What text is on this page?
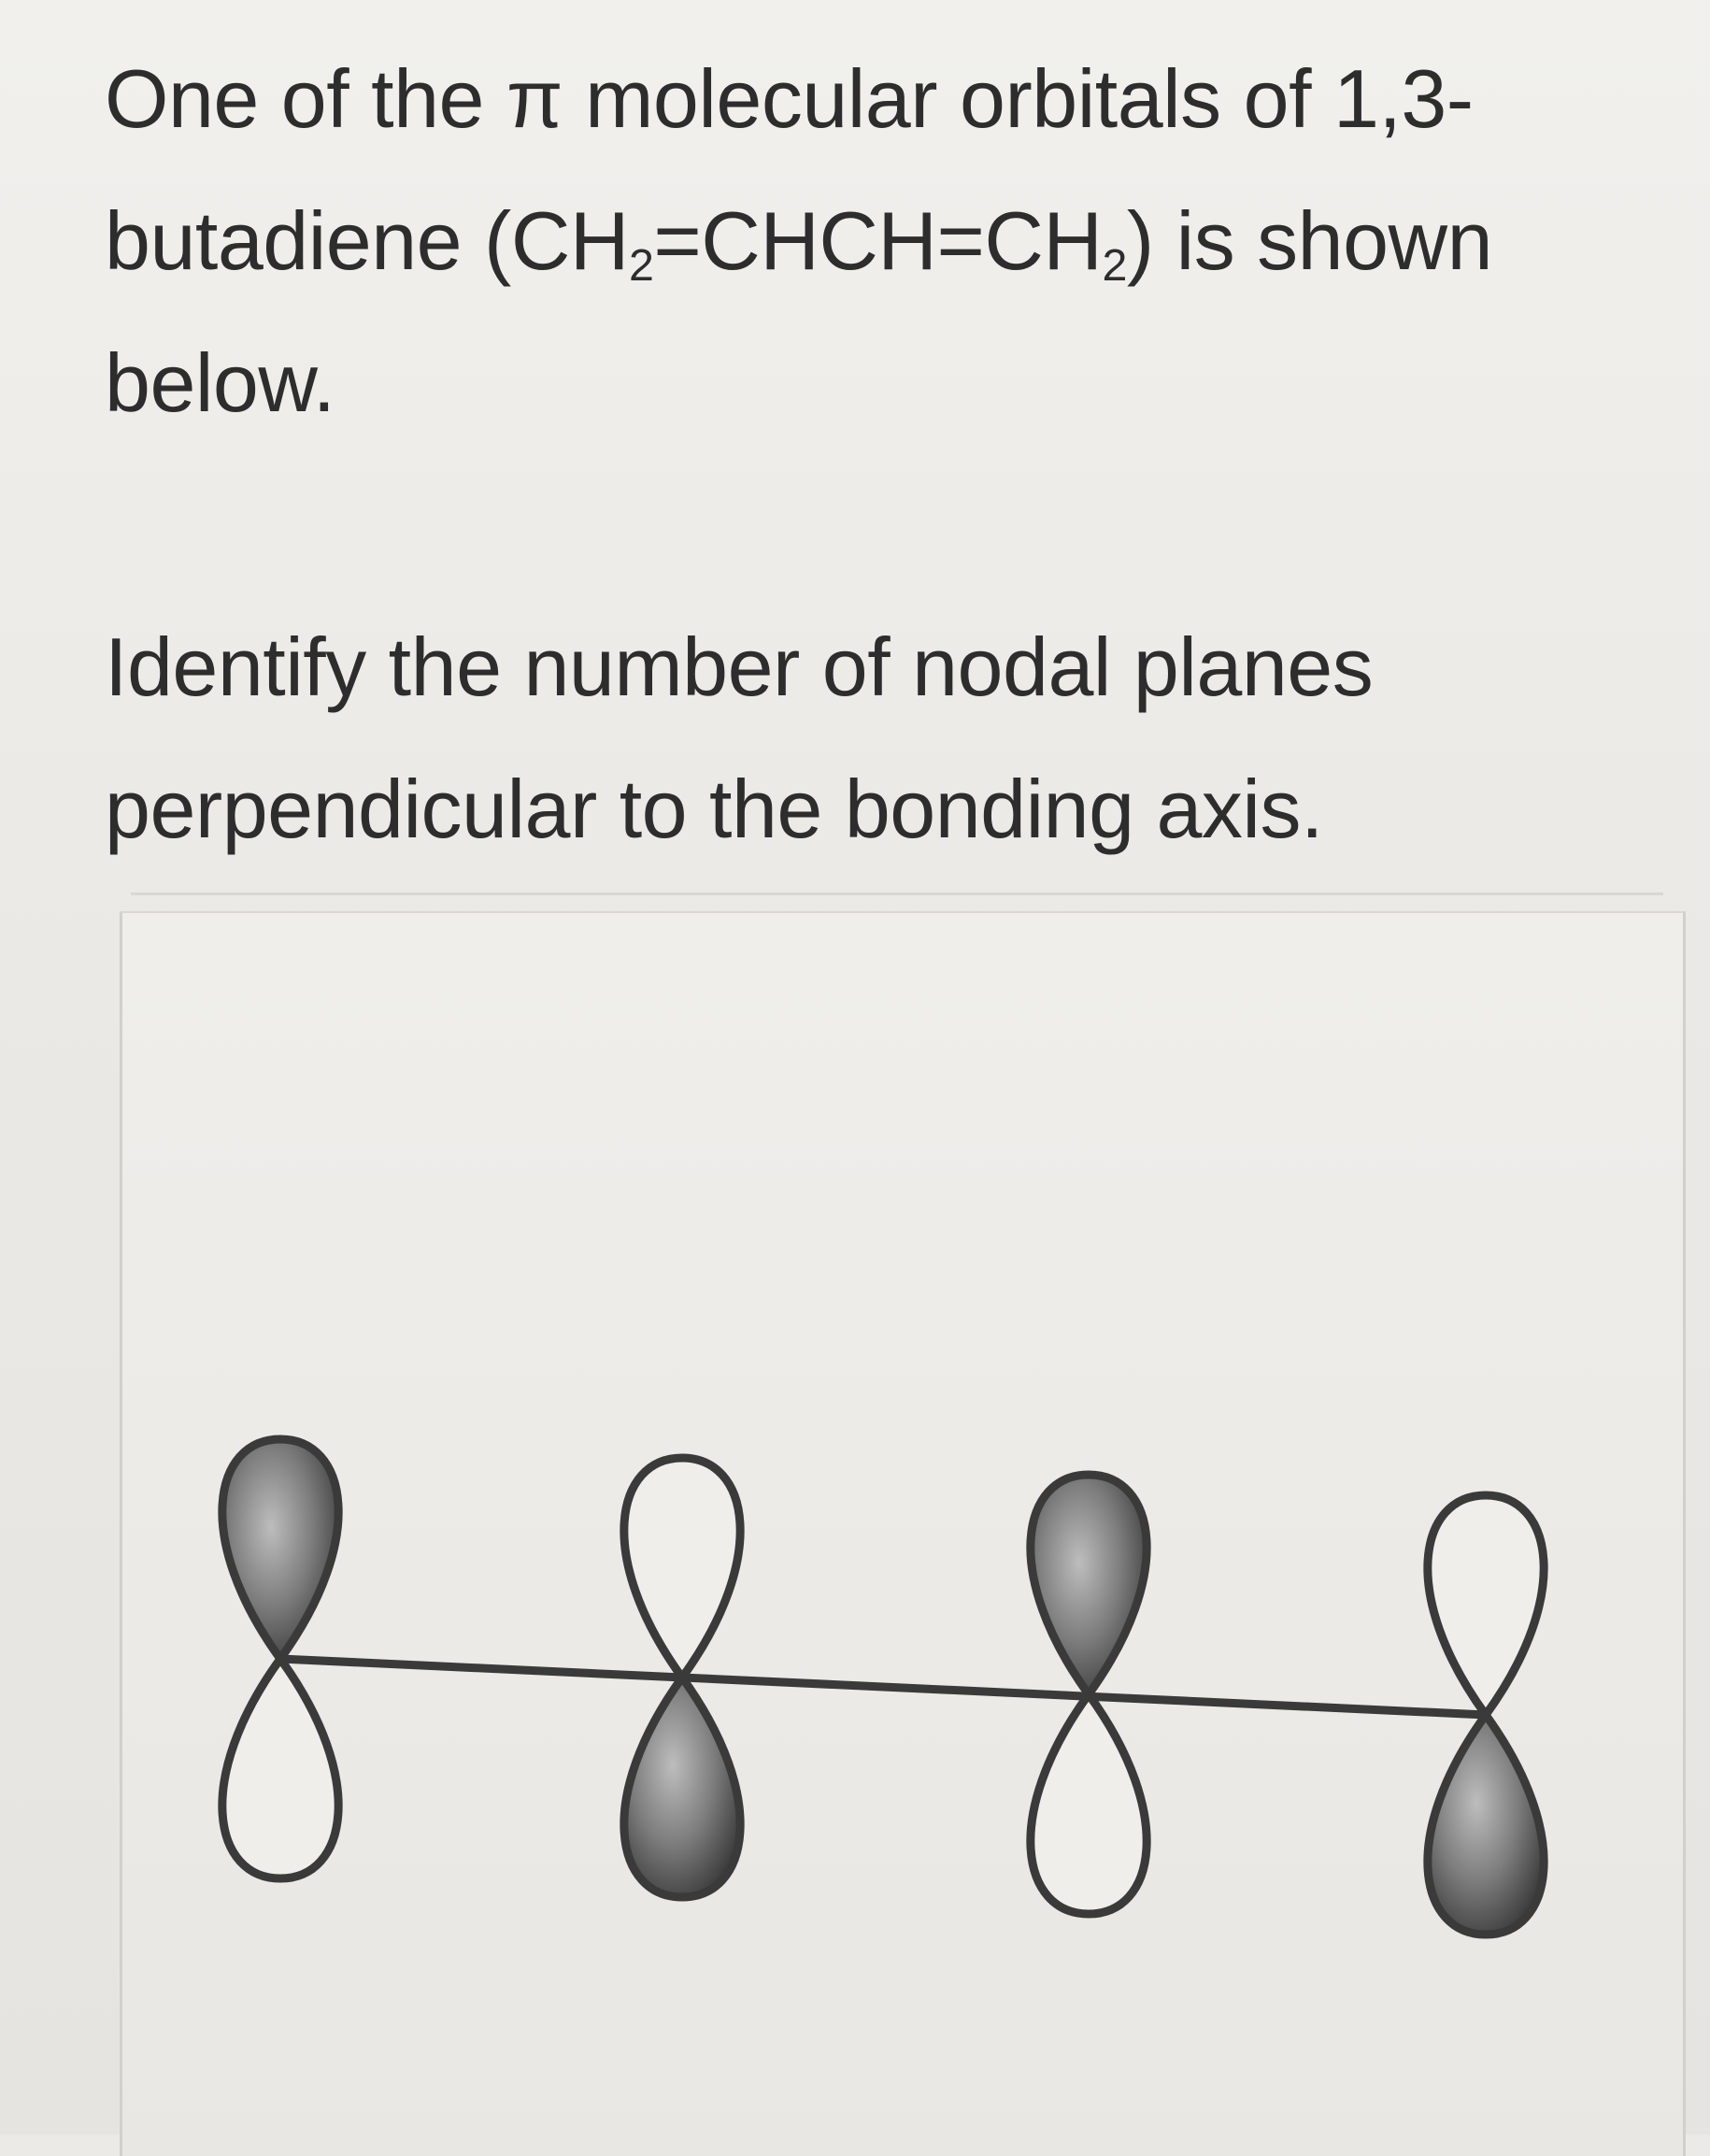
One of the π molecular orbitals of 1,3-
butadiene $(CH_2=CHCH=CH_2)$ is shown
below.

Identify the number of nodal planes
perpendicular to the bonding axis.
